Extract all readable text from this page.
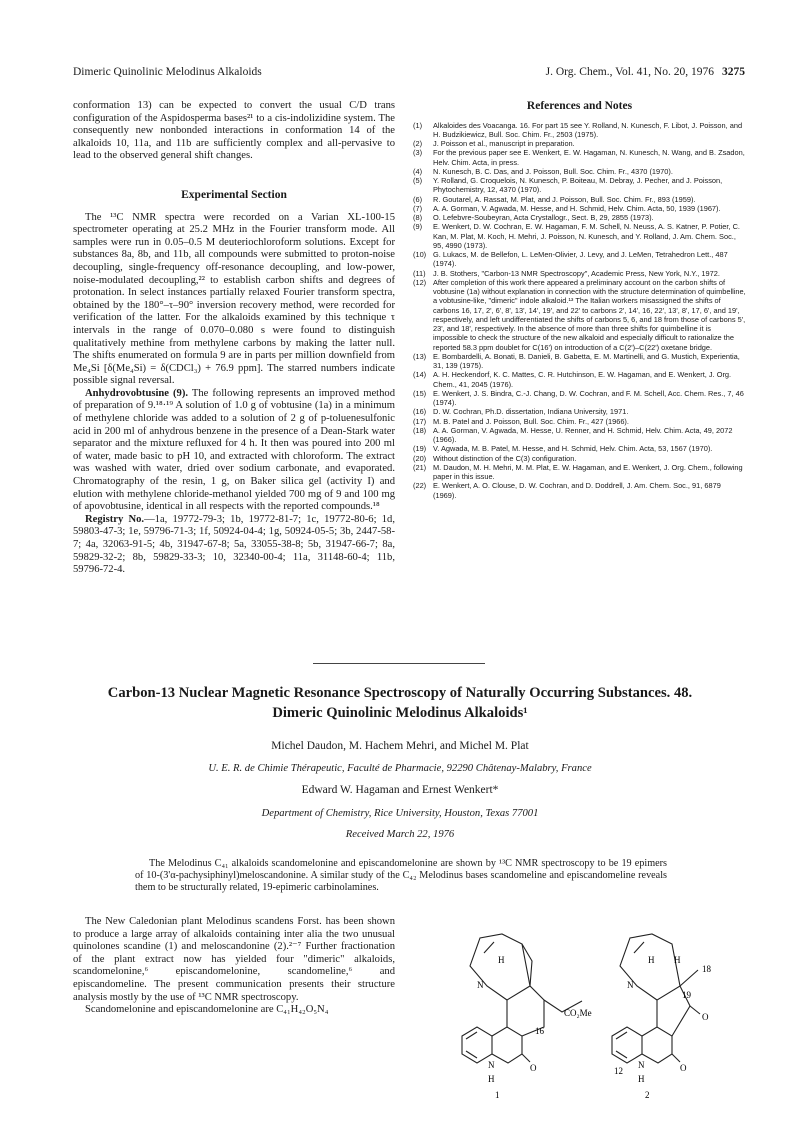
Dimeric Quinolinic Melodinus Alkaloids	J. Org. Chem., Vol. 41, No. 20, 1976 3275

conformation 13) can be expected to convert the usual C/D trans configuration of the Aspidosperma bases²¹ to a cis-indolizidine system. The consequently new nonbonded interactions in conformation 14 of the alkaloids 10, 11a, and 11b are sufficiently complex and all-pervasive to lead to the observed general shift changes.

Experimental Section

The ¹³C NMR spectra were recorded on a Varian XL-100-15 spectrometer operating at 25.2 MHz in the Fourier transform mode. All samples were run in 0.05–0.5 M deuteriochloroform solutions. Except for substances 8a, 8b, and 11b, all compounds were submitted to proton-noise decoupling, single-frequency off-resonance decoupling, and low-power, noise-modulated decoupling,²² to establish carbon shifts and degrees of protonation. In select instances partially relaxed Fourier transform spectra, obtained by the 180°–τ–90° inversion recovery method, were recorded for verification of the latter. For the alkaloids examined by this technique τ intervals in the range of 0.070–0.080 s were found to distinguish qualitatively methine from methylene carbons by making the latter null. The shifts enumerated on formula 9 are in parts per million downfield from Me₄Si [δ(Me₄Si) = δ(CDCl₃) + 76.9 ppm]. The starred numbers indicate possible signal reversal.

Anhydrovobtusine (9). The following represents an improved method of preparation of 9.¹⁸·¹⁹ A solution of 1.0 g of vobtusine (1a) in a minimum of methylene chloride was added to a solution of 2 g of p-toluenesulfonic acid in 200 ml of anhydrous benzene in the presence of a Dean-Stark water separator and the mixture refluxed for 4 h. It then was poured into 200 ml of water, made basic to pH 10, and extracted with chloroform. The extract was washed with water, dried over sodium carbonate, and evaporated. Chromatography of the resin, 1 g, on Baker silica gel (activity I) and elution with methylene chloride-methanol yielded 700 mg of 9 and 100 mg of apovobtusine, identical in all respects with the reported compounds.¹⁸

Registry No.—1a, 19772-79-3; 1b, 19772-81-7; 1c, 19772-80-6; 1d, 59803-47-3; 1e, 59796-71-3; 1f, 50924-04-4; 1g, 50924-05-5; 3b, 2447-58-7; 4a, 32063-91-5; 4b, 31947-67-8; 5a, 33055-38-8; 5b, 31947-66-7; 8a, 59829-32-2; 8b, 59829-33-3; 10, 32340-00-4; 11a, 31148-60-4; 11b, 59796-72-4.

References and Notes
(1)	Alkaloides des Voacanga. 16. For part 15 see Y. Rolland, N. Kunesch, F. Libot, J. Poisson, and H. Budzikiewicz, Bull. Soc. Chim. Fr., 2503 (1975).
(2)	J. Poisson et al., manuscript in preparation.
(3)	For the previous paper see E. Wenkert, E. W. Hagaman, N. Kunesch, N. Wang, and B. Zsadon, Helv. Chim. Acta, in press.
(4)	N. Kunesch, B. C. Das, and J. Poisson, Bull. Soc. Chim. Fr., 4370 (1970).
(5)	Y. Rolland, G. Croquelois, N. Kunesch, P. Boiteau, M. Debray, J. Pecher, and J. Poisson, Phytochemistry, 12, 4370 (1970).
(6)	R. Goutarel, A. Rassat, M. Plat, and J. Poisson, Bull. Soc. Chim. Fr., 893 (1959).
(7)	A. A. Gorman, V. Agwada, M. Hesse, and H. Schmid, Helv. Chim. Acta, 50, 1939 (1967).
(8)	O. Lefebvre-Soubeyran, Acta Crystallogr., Sect. B, 29, 2855 (1973).
(9)	E. Wenkert, D. W. Cochran, E. W. Hagaman, F. M. Schell, N. Neuss, A. S. Katner, P. Potier, C. Kan, M. Plat, M. Koch, H. Mehri, J. Poisson, N. Kunesch, and Y. Rolland, J. Am. Chem. Soc., 95, 4990 (1973).
(10) G. Lukacs, M. de Bellefon, L. LeMen-Olivier, J. Levy, and J. LeMen, Tetrahedron Lett., 487 (1974).
(11)	J. B. Stothers, "Carbon-13 NMR Spectroscopy", Academic Press, New York, N.Y., 1972.
(12) After completion of this work there appeared a preliminary account on the carbon shifts of vobtusine (1a) without explanation in connection with the structure determination of quimbelline, a vobtusine-like, "dimeric" indole alkaloid.¹³ The Italian workers misassigned the shifts of carbons 16, 17, 2', 6', 8', 13', 14', 19', and 22' to carbons 2', 14', 16, 22', 13', 8', 17, 6', and 19', respectively, and left undifferentiated the shifts of carbons 5, 6, and 18 from those of carbons 5', 23', and 18', respectively. In the absence of more than three shifts for quimbelline it is impossible to check the structure of the new alkaloid and especially difficult to rationalize the reported 58.3 ppm doublet for C(16') on introduction of a C(2')–C(22') oxetane bridge.
(13) E. Bombardelli, A. Bonati, B. Danieli, B. Gabetta, E. M. Martinelli, and G. Mustich, Experientia, 31, 139 (1975).
(14) A. H. Heckendorf, K. C. Mattes, C. R. Hutchinson, E. W. Hagaman, and E. Wenkert, J. Org. Chem., 41, 2045 (1976).
(15) E. Wenkert, J. S. Bindra, C.-J. Chang, D. W. Cochran, and F. M. Schell, Acc. Chem. Res., 7, 46 (1974).
(16) D. W. Cochran, Ph.D. dissertation, Indiana University, 1971.
(17) M. B. Patel and J. Poisson, Bull. Soc. Chim. Fr., 427 (1966).
(18) A. A. Gorman, V. Agwada, M. Hesse, U. Renner, and H. Schmid, Helv. Chim. Acta, 49, 2072 (1966).
(19) V. Agwada, M. B. Patel, M. Hesse, and H. Schmid, Helv. Chim. Acta, 53, 1567 (1970).
(20) Without distinction of the C(3) configuration.
(21) M. Daudon, M. H. Mehri, M. M. Plat, E. W. Hagaman, and E. Wenkert, J. Org. Chem., following paper in this issue.
(22) E. Wenkert, A. O. Clouse, D. W. Cochran, and D. Doddrell, J. Am. Chem. Soc., 91, 6879 (1969).
Carbon-13 Nuclear Magnetic Resonance Spectroscopy of Naturally Occurring Substances. 48. Dimeric Quinolinic Melodinus Alkaloids¹
Michel Daudon, M. Hachem Mehri, and Michel M. Plat
U. E. R. de Chimie Thérapeutic, Faculté de Pharmacie, 92290 Châtenay-Malabry, France
Edward W. Hagaman and Ernest Wenkert*
Department of Chemistry, Rice University, Houston, Texas 77001
Received March 22, 1976
The Melodinus C₄₁ alkaloids scandomelonine and episcandomelonine are shown by ¹³C NMR spectroscopy to be 19 epimers of 10-(3'α-pachysiphinyl)meloscandonine. A similar study of the C₄₂ Melodinus bases scandomeline and episcandomeline reveals them to be structurally related, 19-epimeric carbinolamines.

The New Caledonian plant Melodinus scandens Forst. has been shown to produce a large array of alkaloids containing inter alia the two unusual quinolones scandine (1) and meloscandonine (2).²⁻⁷ Further fractionation of the plant extract now has yielded four "dimeric" alkaloids, scandomelonine,⁶ episcandomelonine, scandomeline,⁶ and episcandomeline. The present communication presents their structure analysis mostly by the use of ¹³C NMR spectroscopy.

Scandomelonine and episcandomelonine are C₄₁H₄₂O₅N₄

H
N
CO₂Me
16
O
N
H
1
H H
N
18
19
O
O
12
N
H
2
